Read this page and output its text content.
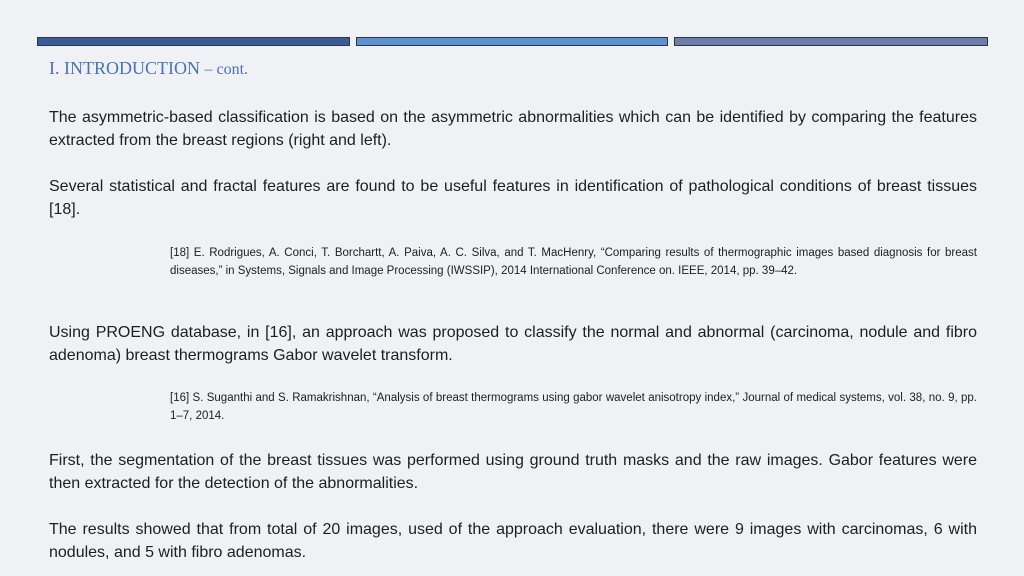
I. INTRODUCTION – cont.

The asymmetric-based classification is based on the asymmetric abnormalities which can be identified by comparing the features extracted from the breast regions (right and left).

Several statistical and fractal features are found to be useful features in identification of pathological conditions of breast tissues [18].

[18] E. Rodrigues, A. Conci, T. Borchartt, A. Paiva, A. C. Silva, and T. MacHenry, “Comparing results of thermographic images based diagnosis for breast diseases,” in Systems, Signals and Image Processing (IWSSIP), 2014 International Conference on. IEEE, 2014, pp. 39–42.

Using PROENG database, in [16], an approach was proposed to classify the normal and abnormal (carcinoma, nodule and fibro adenoma) breast thermograms Gabor wavelet transform.

[16] S. Suganthi and S. Ramakrishnan, “Analysis of breast thermograms using gabor wavelet anisotropy index,” Journal of medical systems, vol. 38, no. 9, pp. 1–7, 2014.

First, the segmentation of the breast tissues was performed using ground truth masks and the raw images. Gabor features were then extracted for the detection of the abnormalities.

The results showed that from total of 20 images, used of the approach evaluation, there were 9 images with carcinomas, 6 with nodules, and 5 with fibro adenomas.
